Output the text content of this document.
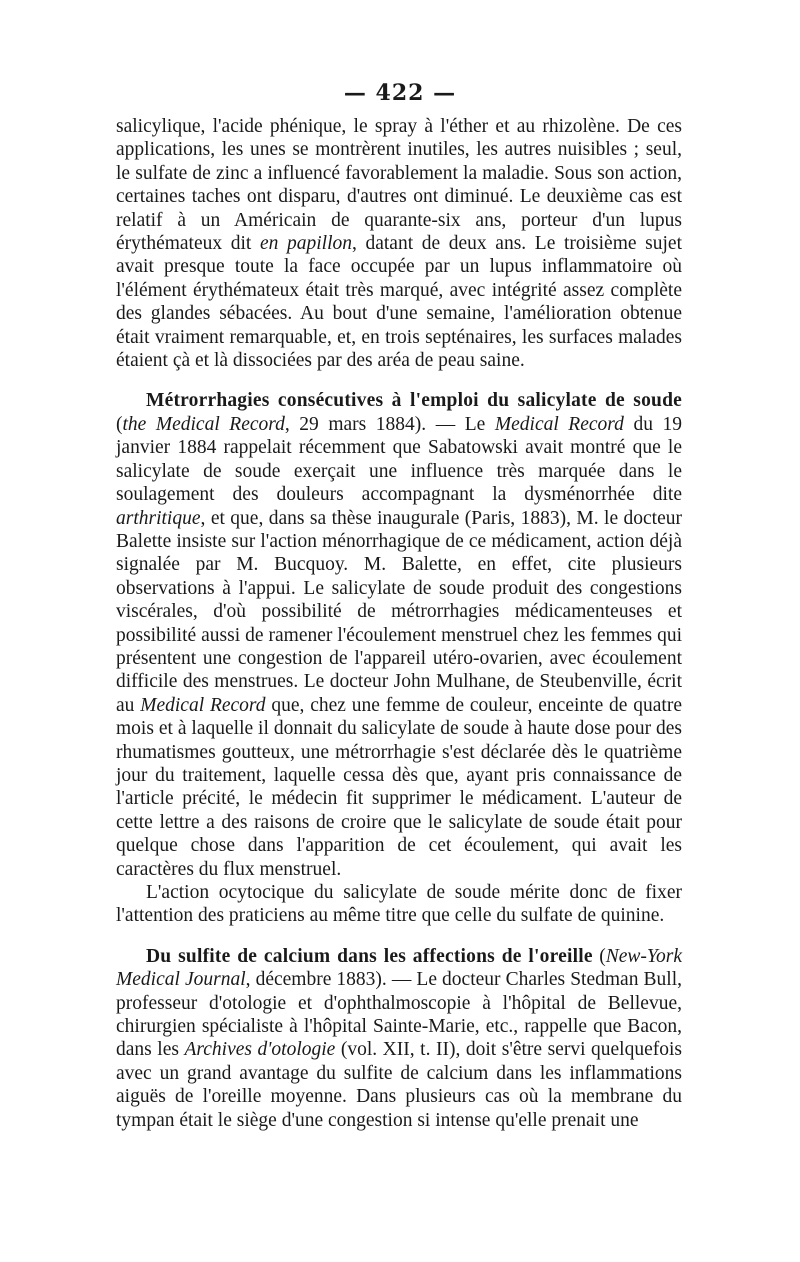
— 422 —

salicylique, l'acide phénique, le spray à l'éther et au rhizolène. De ces applications, les unes se montrèrent inutiles, les autres nuisibles ; seul, le sulfate de zinc a influencé favorablement la maladie. Sous son action, certaines taches ont disparu, d'autres ont diminué. Le deuxième cas est relatif à un Américain de quarante-six ans, porteur d'un lupus érythémateux dit en papillon, datant de deux ans. Le troisième sujet avait presque toute la face occupée par un lupus inflammatoire où l'élément érythémateux était très marqué, avec intégrité assez complète des glandes sébacées. Au bout d'une semaine, l'amélioration obtenue était vraiment remarquable, et, en trois septénaires, les surfaces malades étaient çà et là dissociées par des aréa de peau saine.

Métrorrhagies consécutives à l'emploi du salicylate de soude (the Medical Record, 29 mars 1884). — Le Medical Record du 19 janvier 1884 rappelait récemment que Sabatowski avait montré que le salicylate de soude exerçait une influence très marquée dans le soulagement des douleurs accompagnant la dysménorrhée dite arthritique, et que, dans sa thèse inaugurale (Paris, 1883), M. le docteur Balette insiste sur l'action ménorrhagique de ce médicament, action déjà signalée par M. Bucquoy. M. Balette, en effet, cite plusieurs observations à l'appui. Le salicylate de soude produit des congestions viscérales, d'où possibilité de métrorrhagies médicamenteuses et possibilité aussi de ramener l'écoulement menstruel chez les femmes qui présentent une congestion de l'appareil utéro-ovarien, avec écoulement difficile des menstrues. Le docteur John Mulhane, de Steubenville, écrit au Medical Record que, chez une femme de couleur, enceinte de quatre mois et à laquelle il donnait du salicylate de soude à haute dose pour des rhumatismes goutteux, une métrorrhagie s'est déclarée dès le quatrième jour du traitement, laquelle cessa dès que, ayant pris connaissance de l'article précité, le médecin fit supprimer le médicament. L'auteur de cette lettre a des raisons de croire que le salicylate de soude était pour quelque chose dans l'apparition de cet écoulement, qui avait les caractères du flux menstruel.

L'action ocytocique du salicylate de soude mérite donc de fixer l'attention des praticiens au même titre que celle du sulfate de quinine.

Du sulfite de calcium dans les affections de l'oreille (New-York Medical Journal, décembre 1883). — Le docteur Charles Stedman Bull, professeur d'otologie et d'ophthalmoscopie à l'hôpital de Bellevue, chirurgien spécialiste à l'hôpital Sainte-Marie, etc., rappelle que Bacon, dans les Archives d'otologie (vol. XII, t. II), doit s'être servi quelquefois avec un grand avantage du sulfite de calcium dans les inflammations aiguës de l'oreille moyenne. Dans plusieurs cas où la membrane du tympan était le siège d'une congestion si intense qu'elle prenait une
